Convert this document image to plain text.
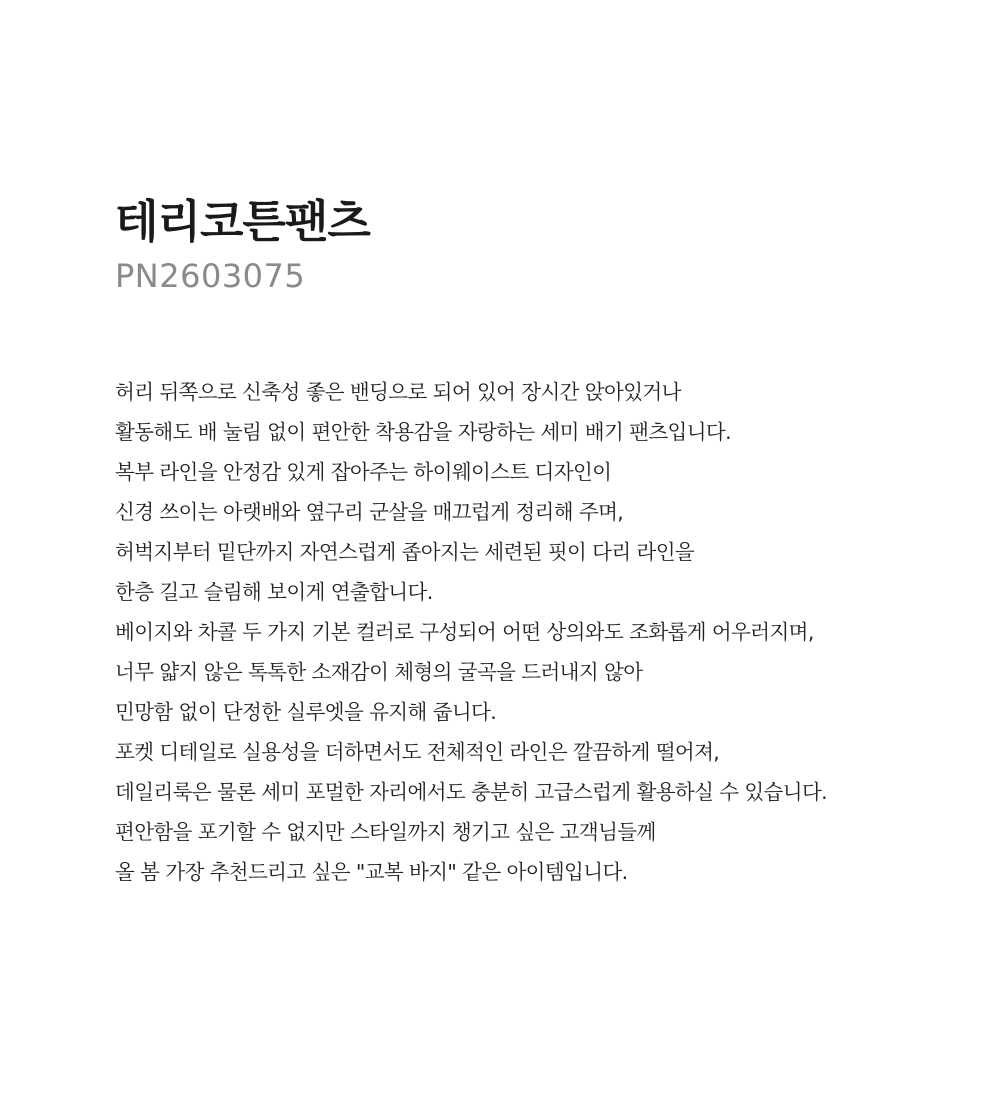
테리코튼팬츠

PN2603075

허리 뒤쪽으로 신축성 좋은 밴딩으로 되어 있어 장시간 앉아있거나

활동해도 배 눌림 없이 편안한 착용감을 자랑하는 세미 배기 팬츠입니다.

복부 라인을 안정감 있게 잡아주는 하이웨이스트 디자인이

신경 쓰이는 아랫배와 옆구리 군살을 매끄럽게 정리해 주며,

허벅지부터 밑단까지 자연스럽게 좁아지는 세련된 핏이 다리 라인을

한층 길고 슬림해 보이게 연출합니다.

베이지와 차콜 두 가지 기본 컬러로 구성되어 어떤 상의와도 조화롭게 어우러지며,

너무 얇지 않은 톡톡한 소재감이 체형의 굴곡을 드러내지 않아

민망함 없이 단정한 실루엣을 유지해 줍니다.

포켓 디테일로 실용성을 더하면서도 전체적인 라인은 깔끔하게 떨어져,

데일리룩은 물론 세미 포멀한 자리에서도 충분히 고급스럽게 활용하실 수 있습니다.

편안함을 포기할 수 없지만 스타일까지 챙기고 싶은 고객님들께

올 봄 가장 추천드리고 싶은 "교복 바지" 같은 아이템입니다.
